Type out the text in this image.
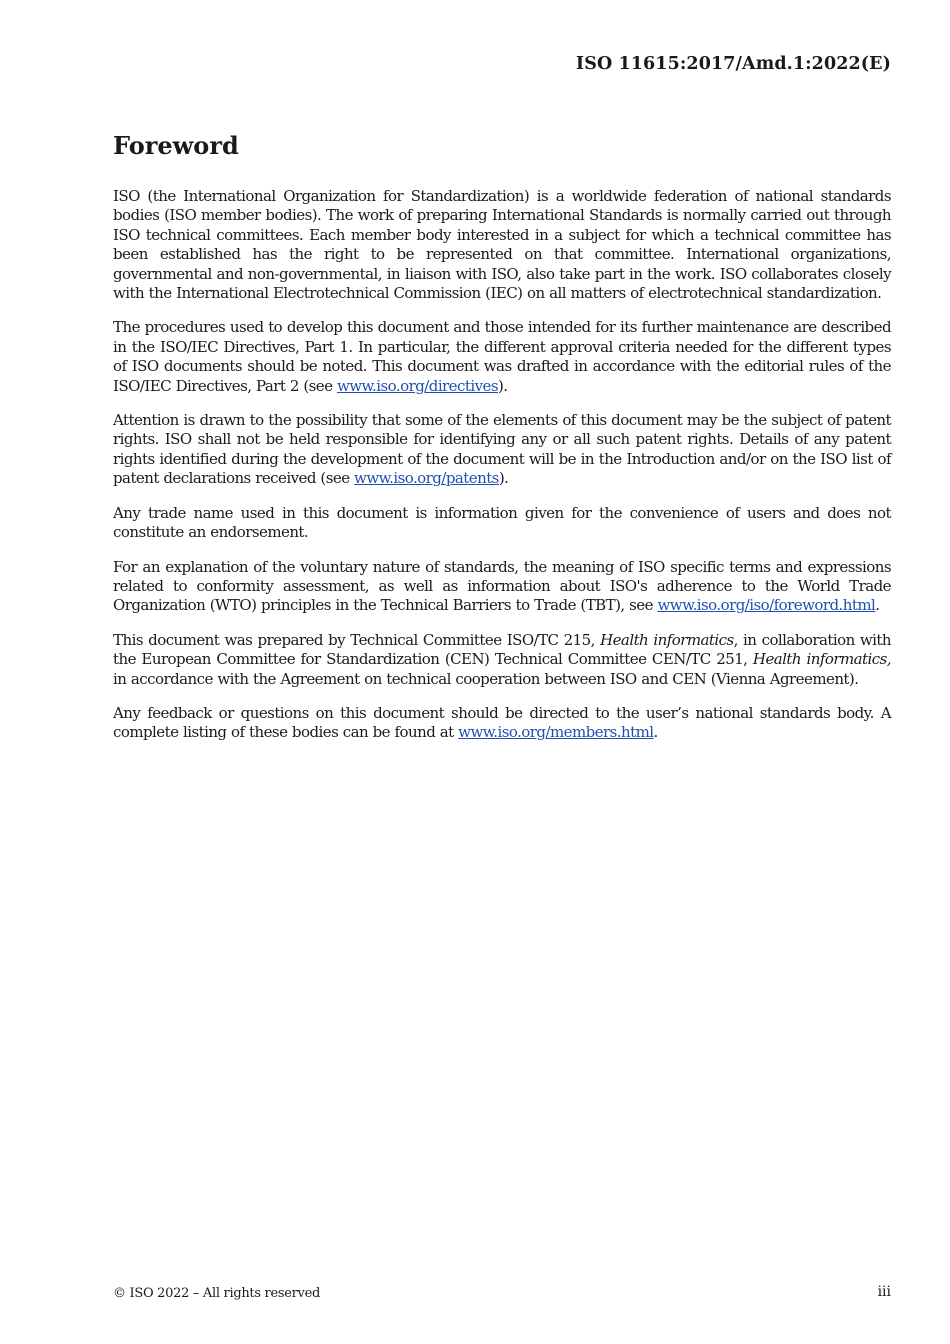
ISO 11615:2017/Amd.1:2022(E)
Foreword

ISO (the International Organization for Standardization) is a worldwide federation of national standards bodies (ISO member bodies). The work of preparing International Standards is normally carried out through ISO technical committees. Each member body interested in a subject for which a technical committee has been established has the right to be represented on that committee. International organizations, governmental and non-governmental, in liaison with ISO, also take part in the work. ISO collaborates closely with the International Electrotechnical Commission (IEC) on all matters of electrotechnical standardization.

The procedures used to develop this document and those intended for its further maintenance are described in the ISO/IEC Directives, Part 1. In particular, the different approval criteria needed for the different types of ISO documents should be noted. This document was drafted in accordance with the editorial rules of the ISO/IEC Directives, Part 2 (see www.iso.org/directives).

Attention is drawn to the possibility that some of the elements of this document may be the subject of patent rights. ISO shall not be held responsible for identifying any or all such patent rights. Details of any patent rights identified during the development of the document will be in the Introduction and/or on the ISO list of patent declarations received (see www.iso.org/patents).

Any trade name used in this document is information given for the convenience of users and does not constitute an endorsement.

For an explanation of the voluntary nature of standards, the meaning of ISO specific terms and expressions related to conformity assessment, as well as information about ISO's adherence to the World Trade Organization (WTO) principles in the Technical Barriers to Trade (TBT), see www.iso.org/iso/foreword.html.

This document was prepared by Technical Committee ISO/TC 215, Health informatics, in collaboration with the European Committee for Standardization (CEN) Technical Committee CEN/TC 251, Health informatics, in accordance with the Agreement on technical cooperation between ISO and CEN (Vienna Agreement).

Any feedback or questions on this document should be directed to the user’s national standards body. A complete listing of these bodies can be found at www.iso.org/members.html.

© ISO 2022 – All rights reserved	iii
